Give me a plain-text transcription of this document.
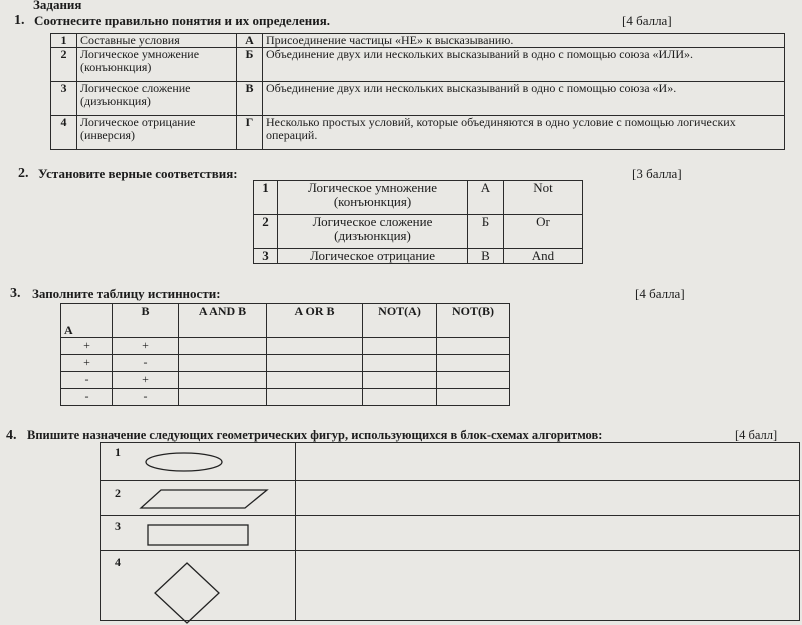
Задания
1. Соотнесите правильно понятия и их определения.	[4 балла]
1	Составные условия	А	Присоединение частицы «НЕ» к высказыванию.
2	Логическое умножение (конъюнкция)	Б	Объединение двух или нескольких высказываний в одно с помощью союза «ИЛИ».
3	Логическое сложение (дизъюнкция)	В	Объединение двух или нескольких высказываний в одно с помощью союза «И».
4	Логическое отрицание (инверсия)	Г	Несколько простых условий, которые объединяются в одно условие с помощью логических операций.
2. Установите верные соответствия:	[3 балла]
1	Логическое умножение (конъюнкция)	А	Not
2	Логическое сложение (дизъюнкция)	Б	Or
3	Логическое отрицание	В	And
3. Заполните таблицу истинности:	[4 балла]
A	B	A AND B	A OR B	NOT(A)	NOT(B)
+	+				
+	-				
-	+				
-	-				
4. Впишите назначение следующих геометрических фигур, использующихся в блок-схемах алгоритмов:	[4 балл]
1	

2	

3	

4	
